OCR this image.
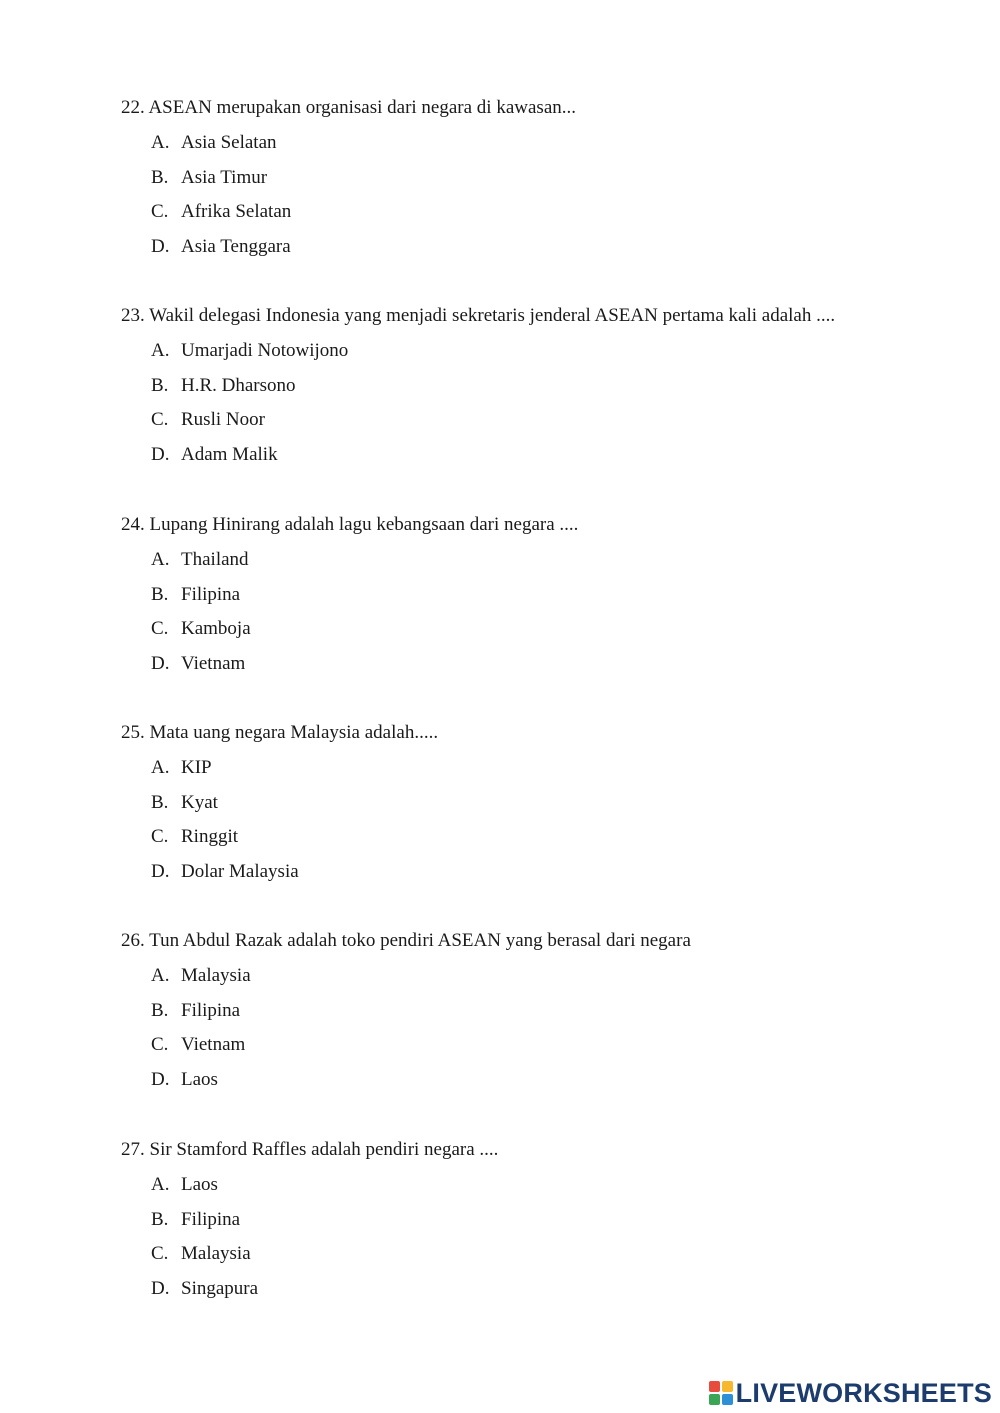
22. ASEAN merupakan organisasi dari negara di kawasan...
A. Asia Selatan
B. Asia Timur
C. Afrika Selatan
D. Asia Tenggara
23. Wakil delegasi Indonesia yang menjadi sekretaris jenderal ASEAN pertama kali adalah ....
A. Umarjadi Notowijono
B. H.R. Dharsono
C. Rusli Noor
D. Adam Malik
24. Lupang Hinirang adalah lagu kebangsaan dari negara ....
A. Thailand
B. Filipina
C. Kamboja
D. Vietnam
25. Mata uang negara Malaysia adalah.....
A. KIP
B. Kyat
C. Ringgit
D. Dolar Malaysia
26. Tun Abdul Razak adalah toko pendiri ASEAN yang berasal dari negara
A. Malaysia
B. Filipina
C. Vietnam
D. Laos
27. Sir Stamford Raffles adalah pendiri negara ....
A. Laos
B. Filipina
C. Malaysia
D. Singapura
LIVEWORKSHEETS
